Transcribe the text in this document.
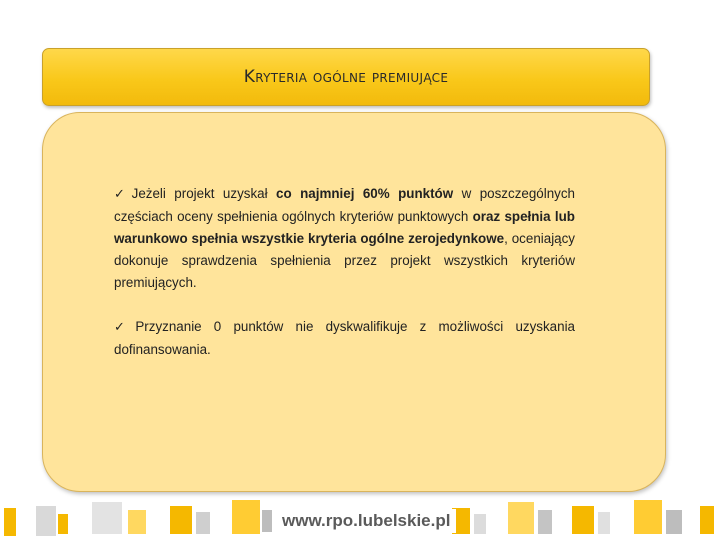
Kryteria ogólne premiujące

✓ Jeżeli projekt uzyskał co najmniej 60% punktów w poszczególnych częściach oceny spełnienia ogólnych kryteriów punktowych oraz spełnia lub warunkowo spełnia wszystkie kryteria ogólne zerojedynkowe, oceniający dokonuje sprawdzenia spełnienia przez projekt wszystkich kryteriów premiujących.

✓ Przyznanie 0 punktów nie dyskwalifikuje z możliwości uzyskania dofinansowania.

www.rpo.lubelskie.pl
